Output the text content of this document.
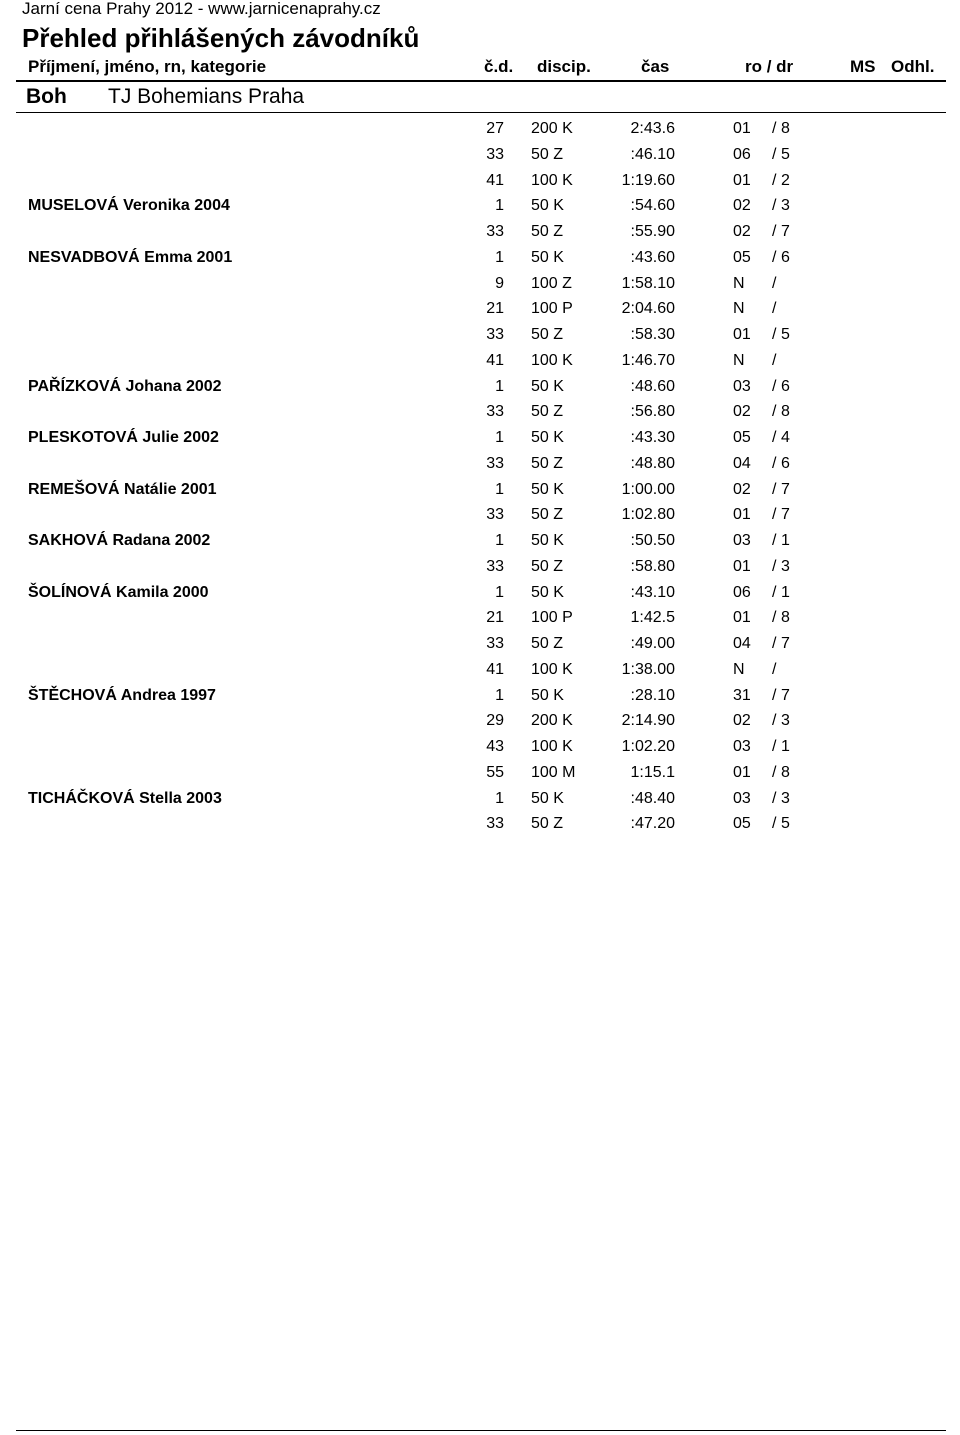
Jarní cena Prahy 2012 - www.jarnicenaprahy.cz
Přehled přihlášených závodníků
Příjmení, jméno, rn, kategorie	č.d. discip.	čas	ro / dr	MS Odhl.
Boh TJ Bohemians Praha
27 200 K	2:43.6	01 / 8
33 50 Z	:46.10	06 / 5
41 100 K	1:19.60	01 / 2
MUSELOVÁ Veronika 2004	1 50 K	:54.60	02 / 3
33 50 Z	:55.90	02 / 7
NESVADBOVÁ Emma 2001	1 50 K	:43.60	05 / 6
9 100 Z	1:58.10	N /
21 100 P	2:04.60	N /
33 50 Z	:58.30	01 / 5
41 100 K	1:46.70	N /
PAŘÍZKOVÁ Johana 2002	1 50 K	:48.60	03 / 6
33 50 Z	:56.80	02 / 8
PLESKOTOVÁ Julie 2002	1 50 K	:43.30	05 / 4
33 50 Z	:48.80	04 / 6
REMEŠOVÁ Natálie 2001	1 50 K	1:00.00	02 / 7
33 50 Z	1:02.80	01 / 7
SAKHOVÁ Radana 2002	1 50 K	:50.50	03 / 1
33 50 Z	:58.80	01 / 3
ŠOLÍNOVÁ Kamila 2000	1 50 K	:43.10	06 / 1
21 100 P	1:42.5	01 / 8
33 50 Z	:49.00	04 / 7
41 100 K	1:38.00	N /
ŠTĚCHOVÁ Andrea 1997	1 50 K	:28.10	31 / 7
29 200 K	2:14.90	02 / 3
43 100 K	1:02.20	03 / 1
55 100 M	1:15.1	01 / 8
TICHÁČKOVÁ Stella 2003	1 50 K	:48.40	03 / 3
33 50 Z	:47.20	05 / 5
